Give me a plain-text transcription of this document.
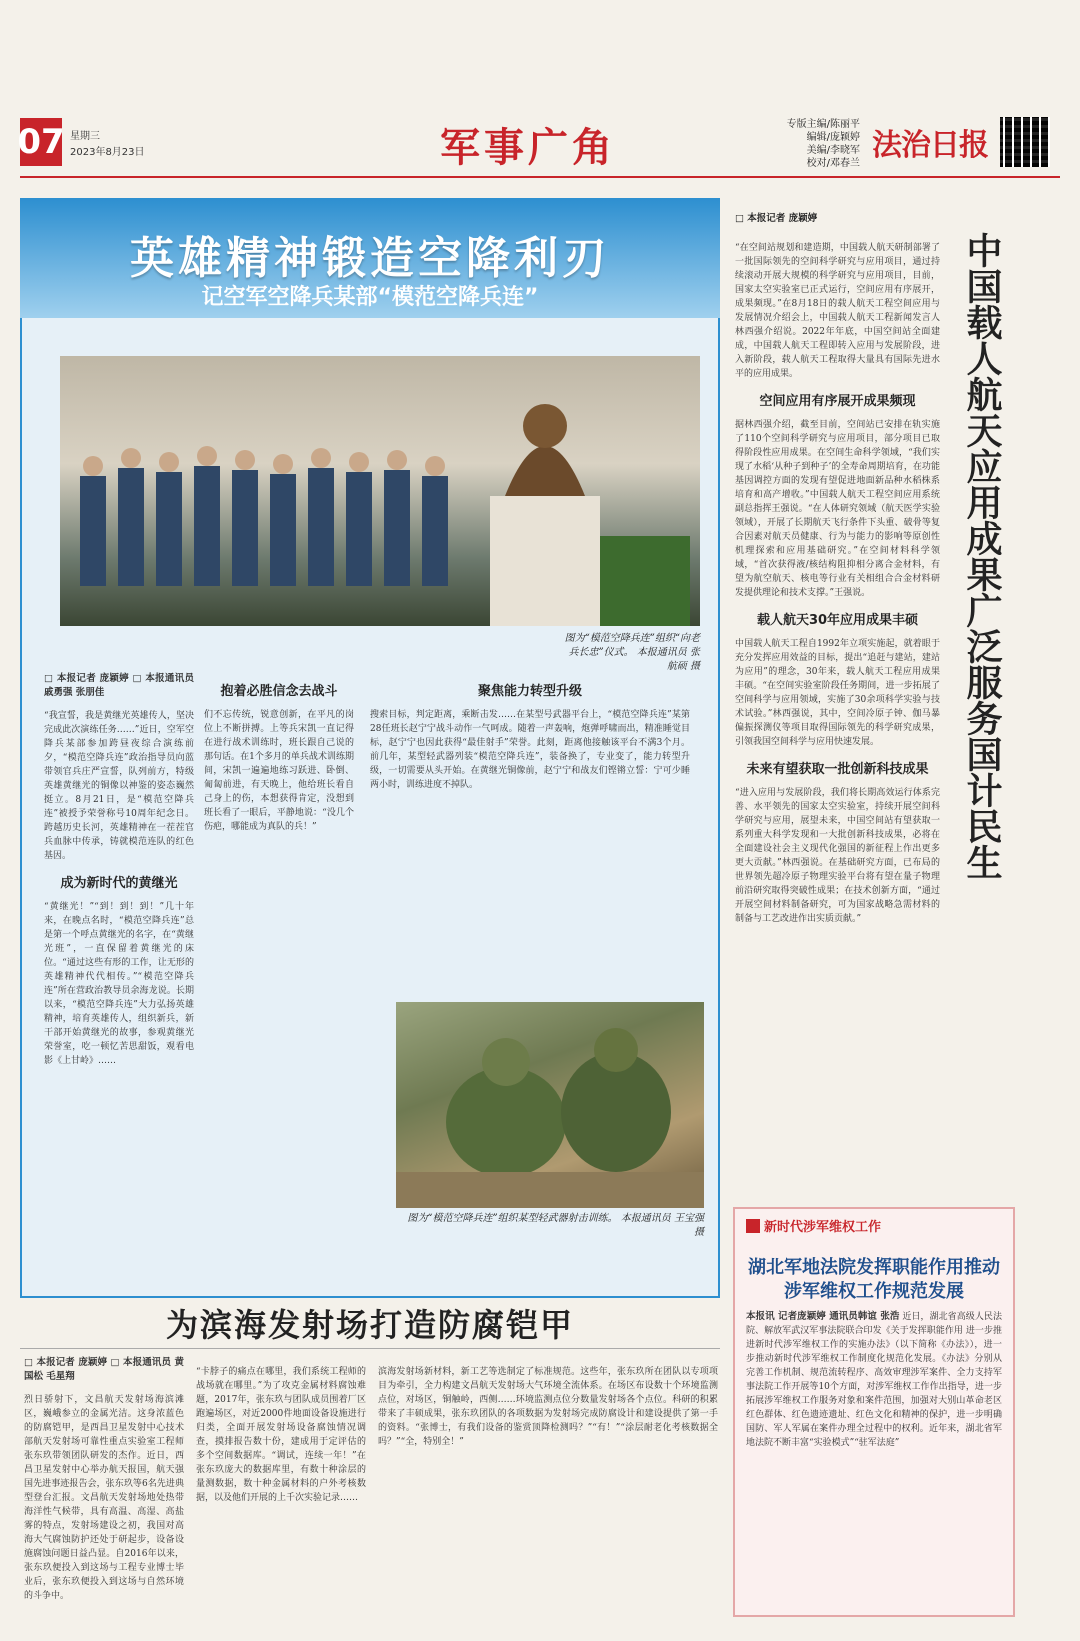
07 星期三
2023年8月23日	军事广角
专版主编/陈丽平
编辑/庞颖婷
美编/李晓军
校对/邓春兰
法治日报
英雄精神锻造空降利刃
记空军空降兵某部“模范空降兵连”
图为“模范空降兵连”组织“向老兵长忠”仪式。 本报通讯员 张航硕 摄
□ 本报记者 庞颖婷 □ 本报通讯员 戚勇强 张朋佳

“我宣誓，我是黄继光英雄传人，坚决完成此次演练任务……”近日，空军空降兵某部参加跨昼夜综合演练前夕，“模范空降兵连”政治指导员向蓝带领官兵庄严宣誓，队列前方，特级英雄黄继光的铜像以神鉴的姿态巍然挺立。8月21日，是“模范空降兵连”被授予荣誉称号10周年纪念日。跨越历史长河，英雄精神在一茬茬官兵血脉中传承，铸就模范连队的红色基因。

成为新时代的黄继光

“黄继光！”“到！到！到！”几十年来，在晚点名时，“模范空降兵连”总是第一个呼点黄继光的名字，在“黄继光班”，一直保留着黄继光的床位。“通过这些有形的工作，让无形的英雄精神代代相传。”“模范空降兵连”所在营政治教导员余海龙说。长期以来，“模范空降兵连”大力弘扬英雄精神，培育英雄传人，组织新兵，新干部开始黄继光的故事，参观黄继光荣誉室，吃一顿忆苦思甜饭，观看电影《上甘岭》……

抱着必胜信念去战斗

们不忘传统，锐意创新，在平凡的岗位上不断拼搏。上等兵宋凯一直记得在进行战术训练时，班长跟自己说的那句话。在1个多月的单兵战术训练期间，宋凯一遍遍地练习跃进、卧倒、匍匐前进，有天晚上，他给班长看自己身上的伤，本想获得肯定，没想到班长看了一眼后，平静地说：“没几个伤疤，哪能成为真队的兵！”

聚焦能力转型升级

搜索目标，判定距离，乘断击发……在某型号武器平台上，“模范空降兵连”某第28任班长赵宁宁战斗动作一气呵成。随着一声轰响，炮弹呼啸而出，精准睡觉目标，赵宁宁也因此获得“最佳射手”荣誉。此刻，距离他接触该平台不满3个月。前几年，某型轻武器列装“模范空降兵连”，装备换了，专业变了，能力转型升级，一切需要从头开始。在黄继光铜像前，赵宁宁和战友们铿锵立誓：宁可少睡两小时，训练进度不掉队。

图为“模范空降兵连”组织某型轻武器射击训练。 本报通讯员 王宝强 摄
□ 本报记者 庞颖婷
中国载人航天应用成果广泛服务国计民生

“在空间站规划和建造期，中国载人航天研制部署了一批国际领先的空间科学研究与应用项目，通过持续滚动开展大规模的科学研究与应用项目，目前，国家太空实验室已正式运行，空间应用有序展开，成果频现。”在8月18日的载人航天工程空间应用与发展情况介绍会上，中国载人航天工程新闻发言人林西强介绍说。2022年年底，中国空间站全面建成，中国载人航天工程即转入应用与发展阶段，进入新阶段，载人航天工程取得大量具有国际先进水平的应用成果。

空间应用有序展开成果频现

据林西强介绍，截至目前，空间站已安排在轨实施了110个空间科学研究与应用项目，部分项目已取得阶段性应用成果。在空间生命科学领域，“我们实现了水稻‘从种子到种子’的全寿命周期培育，在功能基因调控方面的发现有望促进地面新品种水稻株系培育和高产增收。”中国载人航天工程空间应用系统副总指挥王强说。“在人体研究领域（航天医学实验领域），开展了长期航天飞行条件下头重、破骨等复合因素对航天员健康、行为与能力的影响等原创性机理探索和应用基础研究。”在空间材料科学领域，“首次获得液/核结构阻抑相分离合金材料，有望为航空航天、核电等行业有关相组合合金材料研发提供理论和技术支撑。”王强说。

载人航天30年应用成果丰硕

中国载人航天工程自1992年立项实施起，就着眼于充分发挥应用效益的目标，提出“追赶与建站，建站为应用”的理念，30年来，载人航天工程应用成果丰硕。“在空间实验室阶段任务期间，进一步拓展了空间科学与应用领域，实施了30余项科学实验与技术试验。”林西强说，其中，空间冷原子钟、伽马暴偏振探测仪等项目取得国际领先的科学研究成果，引领我国空间科学与应用快速发展。

未来有望获取一批创新科技成果

“进入应用与发展阶段，我们将长期高效运行体系完善、水平领先的国家太空实验室，持续开展空间科学研究与应用，展望未来，中国空间站有望获取一系列重大科学发现和一大批创新科技成果，必将在全面建设社会主义现代化强国的新征程上作出更多更大贡献。”林西强说。在基础研究方面，已布局的世界领先超冷原子物理实验平台将有望在量子物理前沿研究取得突破性成果；在技术创新方面，“通过开展空间材料制备研究，可为国家战略急需材料的制备与工艺改进作出实质贡献。”

新时代涉军维权工作
湖北军地法院发挥职能作用推动涉军维权工作规范发展
本报讯 记者庞颖婷 通讯员韩谊 张浩 近日，湖北省高级人民法院、解放军武汉军事法院联合印发《关于发挥职能作用 进一步推进新时代涉军维权工作的实施办法》（以下简称《办法》），进一步推动新时代涉军维权工作制度化规范化发展。《办法》分别从完善工作机制、规范流转程序、高效审理涉军案件、全力支持军事法院工作开展等10个方面，对涉军维权工作作出指导，进一步拓展涉军维权工作服务对象和案件范围，加强对大别山革命老区红色群体、红色遗迹遗址、红色文化和精神的保护，进一步明确国防、军人军属在案件办理全过程中的权利。近年来，湖北省军地法院不断丰富“实验模式”“驻军法庭”
为滨海发射场打造防腐铠甲
□ 本报记者 庞颖婷 □ 本报通讯员 黄国松 毛星翔

烈日骄射下，文昌航天发射场海滨滩区，巍峨参立的金属光洁。这身浓蓝色的防腐铠甲，是西昌卫星发射中心技术部航天发射场可靠性重点实验室工程师张东玖带领团队研发的杰作。近日，西昌卫星发射中心举办航天报国，航天强国先进事迹报告会，张东玖等6名先进典型登台汇报。文昌航天发射场地处热带海洋性气候带，具有高温、高湿、高盐雾的特点，发射场建设之初，我国对高海大气腐蚀防护还处于研起步，设备设施腐蚀问题日益凸显。自2016年以来，张东玖便投入到这场与工程专业博士毕业后，张东玖便投入到这场与自然环境的斗争中。

“卡脖子的痛点在哪里，我们系统工程师的战场就在哪里。”为了攻克金属材料腐蚀难题，2017年，张东玖与团队成员围着厂区跑遍场区，对近2000件地面设备设施进行归类，全面开展发射场设备腐蚀情况调查，摸排报告数十份，建成用于定评估的多个空间数据库。“调试，连续一年！”在张东玖庞大的数据库里，有数十种涂层的量测数据，数十种金属材料的户外考核数据，以及他们开展的上千次实验记录……

滨海发射场新材料，新工艺等选制定了标准规范。这些年，张东玖所在团队以专项项目为牵引，全力构建文昌航天发射场大气环境全流体系。在场区布设数十个环境监测点位，对场区，铜触岭，西侧……环境监测点位分数量发射场各个点位。科研的积累带来了丰硕成果，张东玖团队的各项数据为发射场完成防腐设计和建设提供了第一手的资料。“张博士，有我们设备的鉴赏顶降检测吗？”“有！”“涂层耐老化考核数据全吗？”“全，特别全！”
